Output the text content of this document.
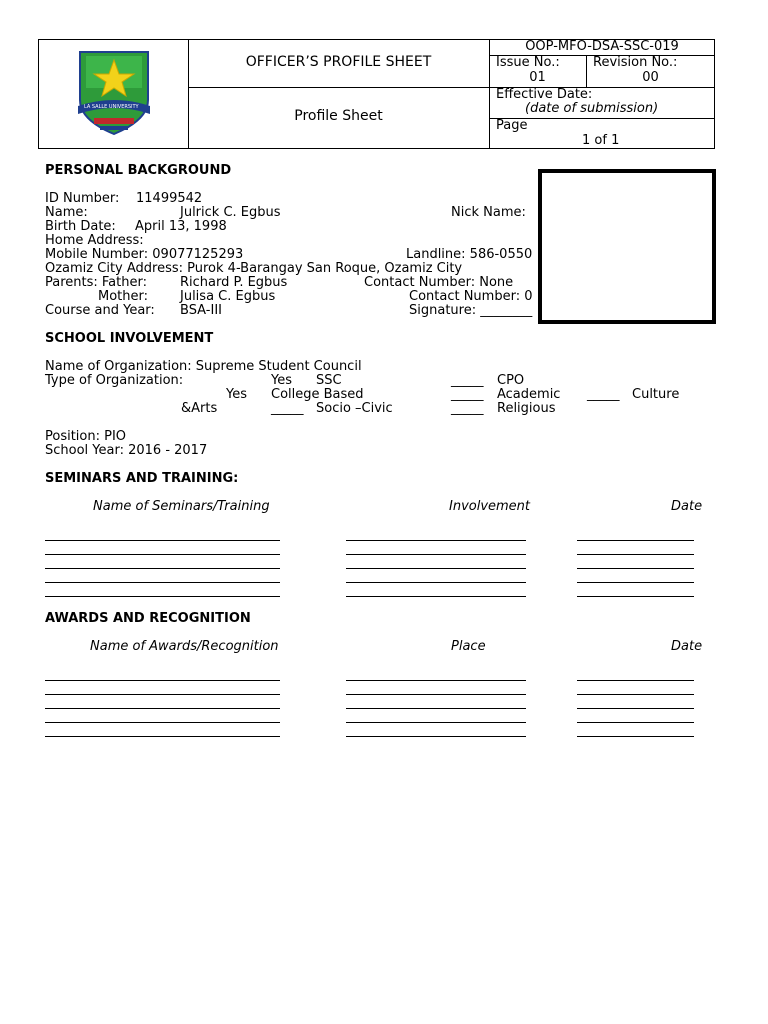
LA SALLE UNIVERSITY
OFFICER’S PROFILE SHEET
Profile Sheet
OOP-MFO-DSA-SSC-019
Issue No.:
01
Revision No.:
00
Effective Date:
(date of submission)
Page
1 of 1
PERSONAL BACKGROUND
ID Number: 11499542
Name:	Julrick C. Egbus	Nick Name:
Birth Date: April 13, 1998
Home Address:
Mobile Number: 09077125293	Landline: 586-0550
Ozamiz City Address: Purok 4-Barangay San Roque, Ozamiz City
Parents: Father:	Richard P. Egbus	Contact Number: None
Mother: Julisa C. Egbus	Contact Number: 0
Course and Year: BSA-III	Signature: ________
SCHOOL INVOLVEMENT
Name of Organization: Supreme Student Council
Type of Organization:	Yes SSC	_____ CPO
Yes College Based	_____ Academic _____ Culture
&Arts	_____ Socio –Civic	_____ Religious
Position: PIO
School Year: 2016 - 2017
SEMINARS AND TRAINING:
Name of Seminars/Training	Involvement	Date
AWARDS AND RECOGNITION
Name of Awards/Recognition	Place	Date
